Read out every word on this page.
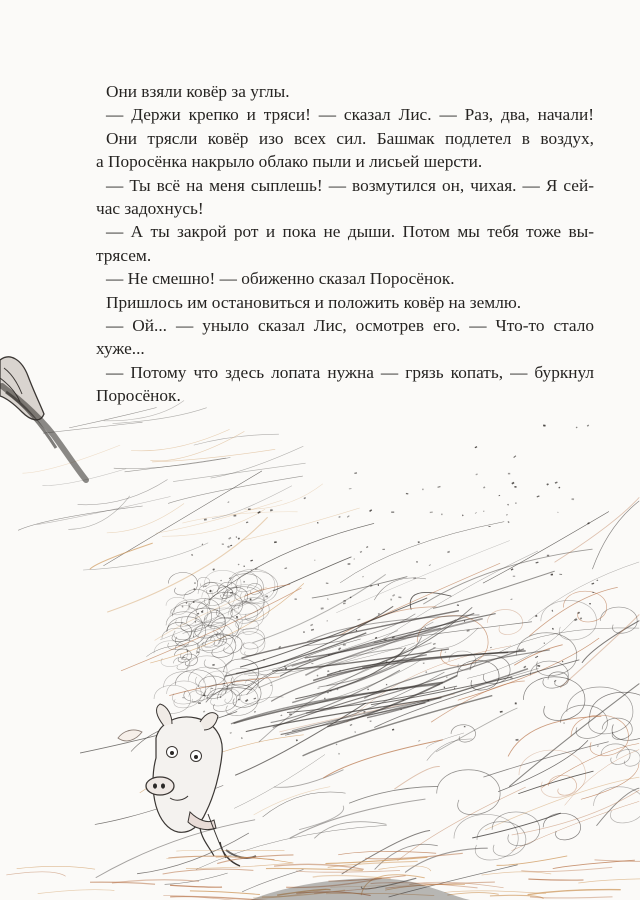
Они взяли ковёр за углы.
— Держи крепко и тряси! — сказал Лис. — Раз, два, начали!
Они трясли ковёр изо всех сил. Башмак подлетел в воздух,
а Поросёнка накрыло облако пыли и лисьей шерсти.
— Ты всё на меня сыплешь! — возмутился он, чихая. — Я сей-
час задохнусь!
— А ты закрой рот и пока не дыши. Потом мы тебя тоже вы-
трясем.
— Не смешно! — обиженно сказал Поросёнок.
Пришлось им остановиться и положить ковёр на землю.
— Ой... — уныло сказал Лис, осмотрев его. — Что-то стало
хуже...
— Потому что здесь лопата нужна — грязь копать, — буркнул
Поросёнок.
